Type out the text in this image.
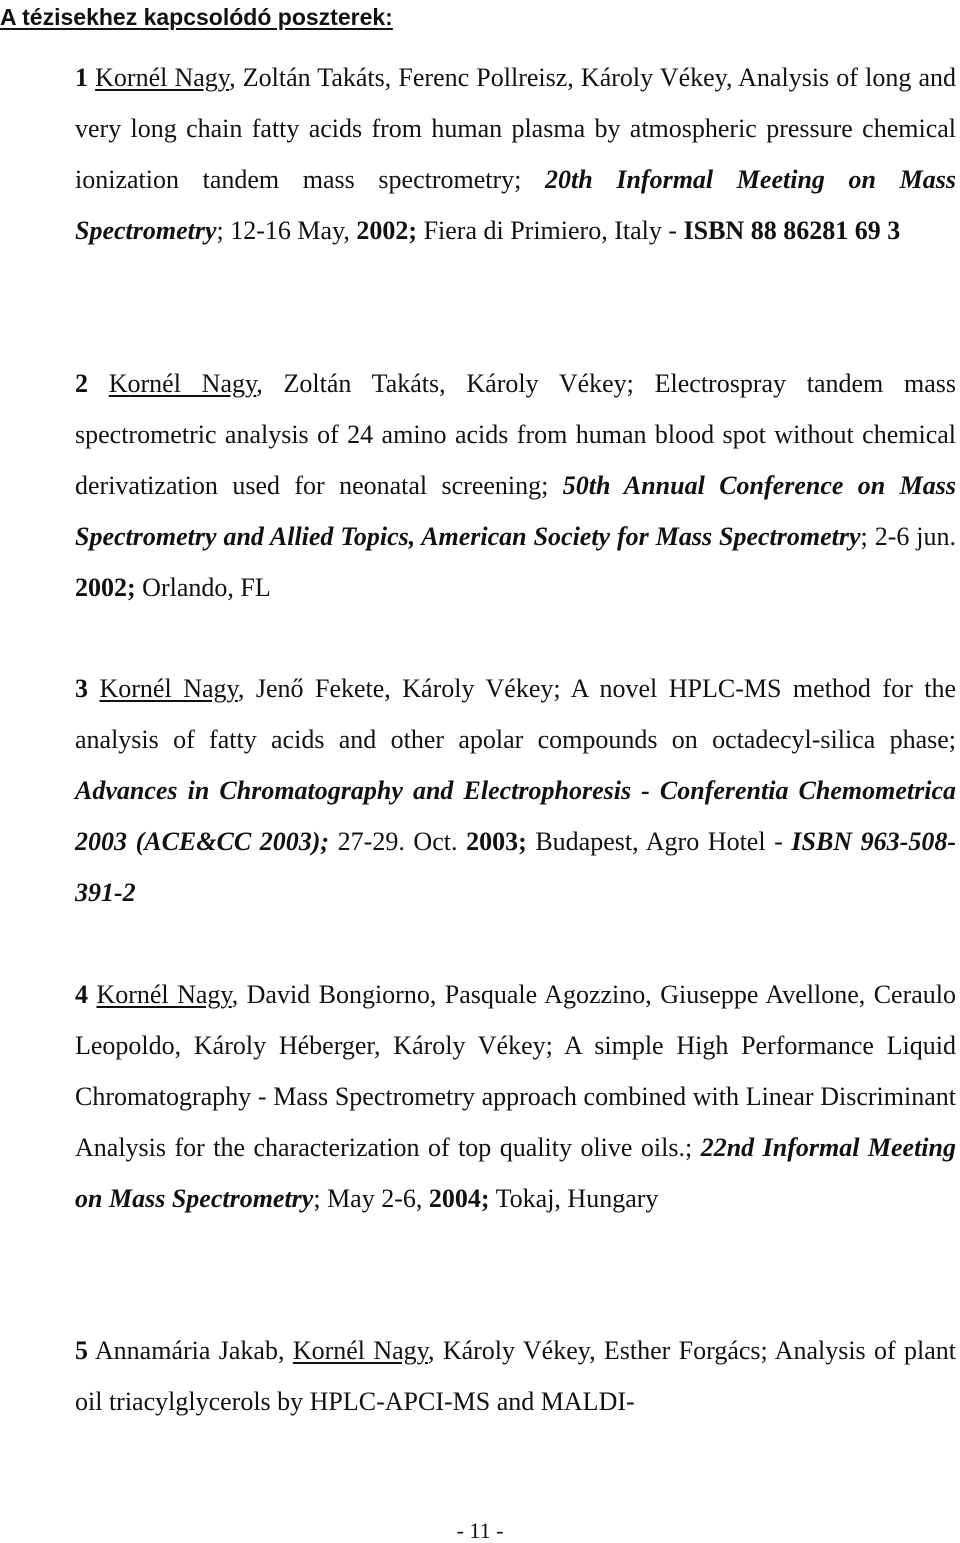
A tézisekhez kapcsolódó poszterek:

1 Kornél Nagy, Zoltán Takáts, Ferenc Pollreisz, Károly Vékey, Analysis of long and very long chain fatty acids from human plasma by atmospheric pressure chemical ionization tandem mass spectrometry; 20th Informal Meeting on Mass Spectrometry; 12-16 May, 2002; Fiera di Primiero, Italy - ISBN 88 86281 69 3

2 Kornél Nagy, Zoltán Takáts, Károly Vékey; Electrospray tandem mass spectrometric analysis of 24 amino acids from human blood spot without chemical derivatization used for neonatal screening; 50th Annual Conference on Mass Spectrometry and Allied Topics, American Society for Mass Spectrometry; 2-6 jun. 2002; Orlando, FL

3 Kornél Nagy, Jenő Fekete, Károly Vékey; A novel HPLC-MS method for the analysis of fatty acids and other apolar compounds on octadecyl-silica phase; Advances in Chromatography and Electrophoresis - Conferentia Chemometrica 2003 (ACE&CC 2003); 27-29. Oct. 2003; Budapest, Agro Hotel - ISBN 963-508-391-2

4 Kornél Nagy, David Bongiorno, Pasquale Agozzino, Giuseppe Avellone, Ceraulo Leopoldo, Károly Héberger, Károly Vékey; A simple High Performance Liquid Chromatography - Mass Spectrometry approach combined with Linear Discriminant Analysis for the characterization of top quality olive oils.; 22nd Informal Meeting on Mass Spectrometry; May 2-6, 2004; Tokaj, Hungary

5 Annamária Jakab, Kornél Nagy, Károly Vékey, Esther Forgács; Analysis of plant oil triacylglycerols by HPLC-APCI-MS and MALDI-

- 11 -
